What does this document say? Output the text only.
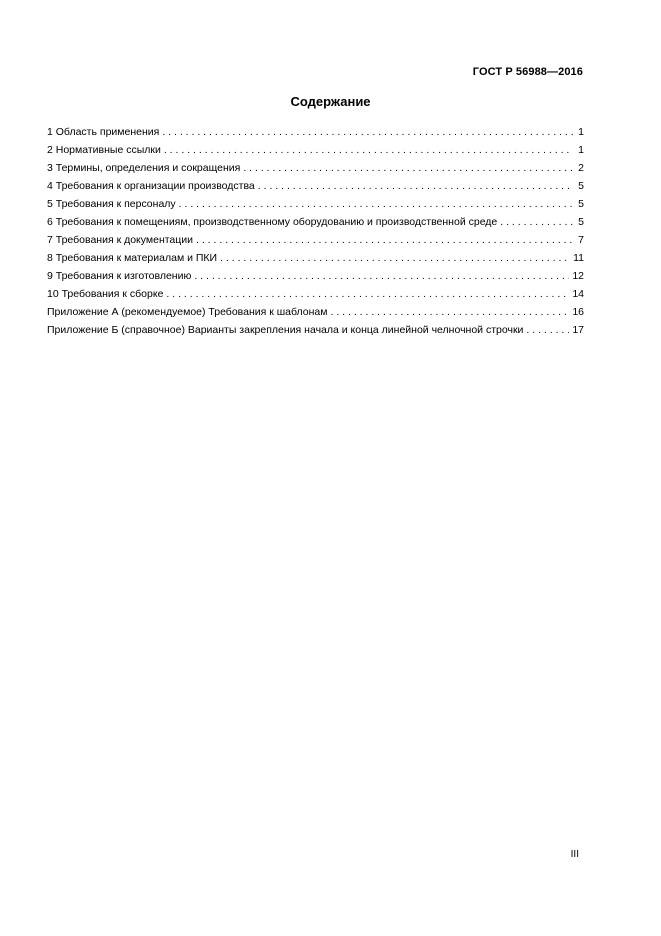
ГОСТ Р 56988—2016
Содержание
1 Область применения . . .	1
2 Нормативные ссылки . . .	1
3 Термины, определения и сокращения . . .	2
4 Требования к организации производства . . .	5
5 Требования к персоналу . . .	5
6 Требования к помещениям, производственному оборудованию и производственной среде . . .	5
7 Требования к документации . . .	7
8 Требования к материалам и ПКИ . . .	11
9 Требования к изготовлению . . .	12
10 Требования к сборке . . .	14
Приложение А (рекомендуемое) Требования к шаблонам . . .	16
Приложение Б (справочное) Варианты закрепления начала и конца линейной челночной строчки . . .	17
III
